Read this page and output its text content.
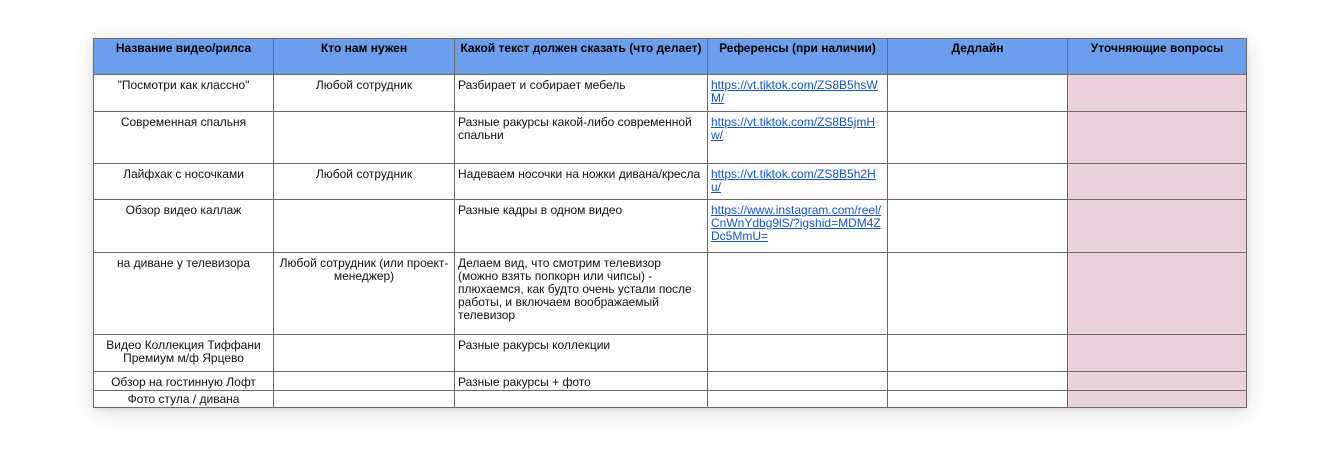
Название видео/рилса	Кто нам нужен	Какой текст должен сказать (что делает)	Референсы (при наличии)	Дедлайн	Уточняющие вопросы
"Посмотри как классно"	Любой сотрудник	Разбирает и собирает мебель	https://vt.tiktok.com/ZS8B5hsWM/		
Современная спальня		Разные ракурсы какой-либо современной спальни	https://vt.tiktok.com/ZS8B5jmHw/		
Лайфхак с носочками	Любой сотрудник	Надеваем носочки на ножки дивана/кресла	https://vt.tiktok.com/ZS8B5h2Hu/		
Обзор видео каллаж		Разные кадры в одном видео	https://www.instagram.com/reel/CnWnYdbg9lS/?igshid=MDM4ZDc5MmU=		
на диване у телевизора	Любой сотрудник (или проект-менеджер)	Делаем вид, что смотрим телевизор (можно взять попкорн или чипсы) - плюхаемся, как будто очень устали после работы, и включаем воображаемый телевизор			
Видео Коллекция Тиффани Премиум м/ф Ярцево		Разные ракурсы коллекции			
Обзор на гостинную Лофт		Разные ракурсы + фото			
Фото стула / дивана					
